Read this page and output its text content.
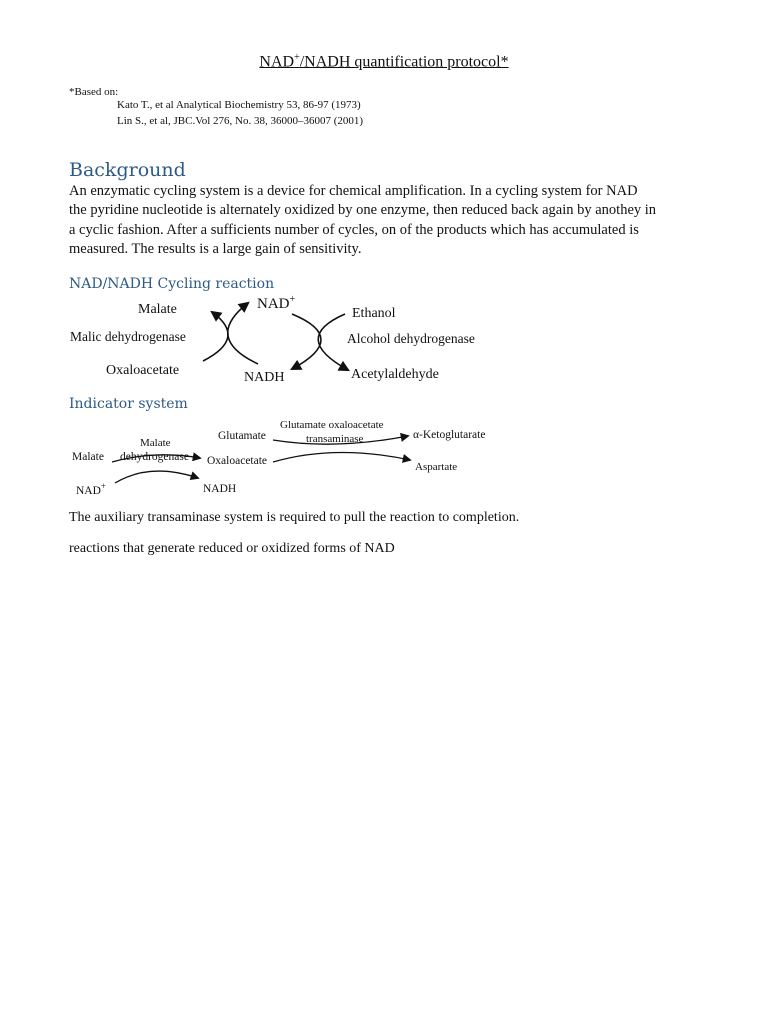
NAD+/NADH quantification protocol*
*Based on:
Kato T., et al Analytical Biochemistry 53, 86-97 (1973)
Lin S., et al, JBC.Vol 276, No. 38, 36000–36007 (2001)
Background
An enzymatic cycling system is a device for chemical amplification. In a cycling system for NAD
the pyridine nucleotide is alternately oxidized by one enzyme, then reduced back again by anothey in
a cyclic fashion. After a sufficients number of cycles, on of the products which has accumulated is
measured. The results is a large gain of sensitivity.
NAD/NADH Cycling reaction
Malate	NAD+
Ethanol
Malic dehydrogenase	Alcohol dehydrogenase
Oxaloacetate	NADH	Acetylaldehyde
Indicator system
Malate
dehydrogenase
Malate
NAD+	NADH
Glutamate
Oxaloacetate
Glutamate oxaloacetate
transaminase	α-Ketoglutarate
Aspartate
The auxiliary transaminase system is required to pull the reaction to completion.
reactions that generate reduced or oxidized forms of NAD
